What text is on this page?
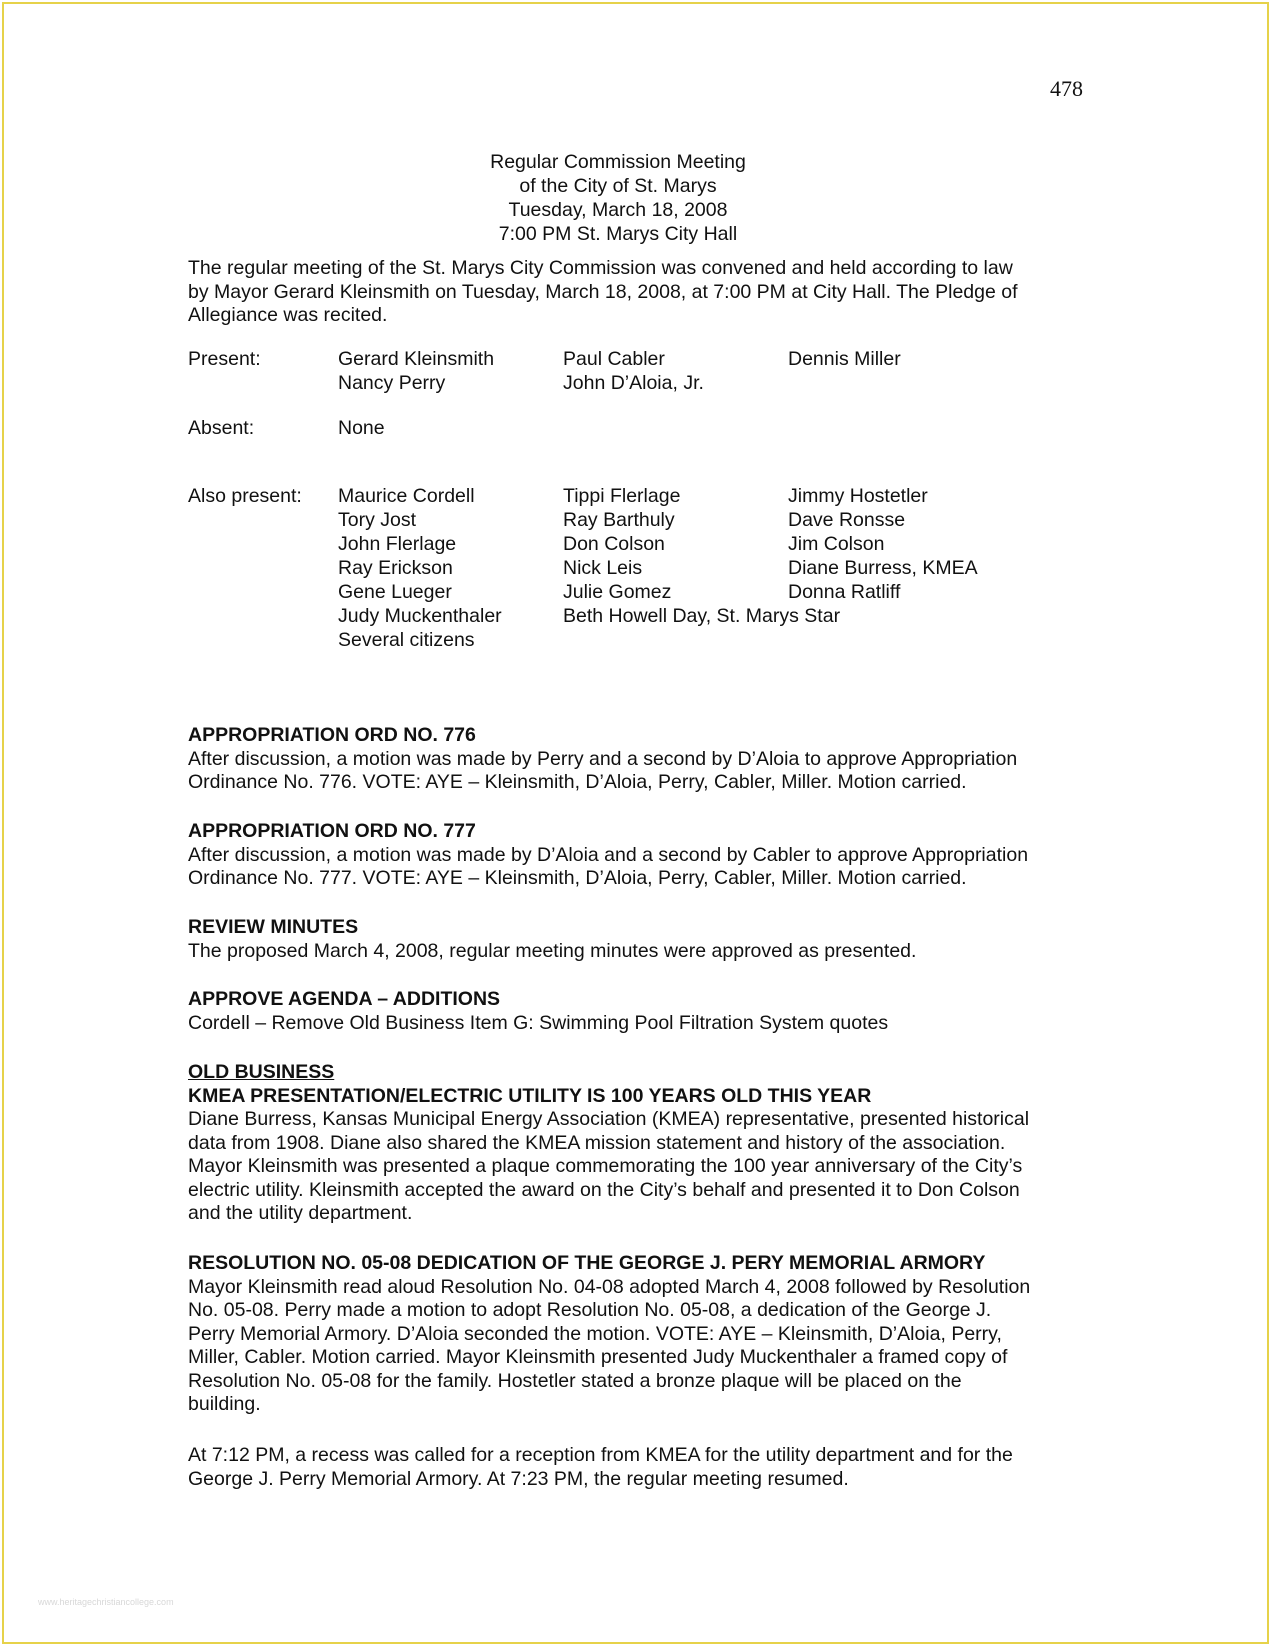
478
Regular Commission Meeting
of the City of St. Marys
Tuesday, March 18, 2008
7:00 PM St. Marys City Hall

The regular meeting of the St. Marys City Commission was convened and held according to law

by Mayor Gerard Kleinsmith on Tuesday, March 18, 2008, at 7:00 PM at City Hall. The Pledge of

Allegiance was recited.

Present:	Gerard Kleinsmith	Paul Cabler	Dennis Miller
Nancy Perry	John D’Aloia, Jr.
Absent:	None
Also present: Maurice Cordell	Tippi Flerlage	Jimmy Hostetler
Tory Jost	Ray Barthuly	Dave Ronsse
John Flerlage	Don Colson	Jim Colson
Ray Erickson	Nick Leis	Diane Burress, KMEA
Gene Lueger	Julie Gomez	Donna Ratliff
Judy Muckenthaler	Beth Howell Day, St. Marys Star
Several citizens

APPROPRIATION ORD NO. 776

After discussion, a motion was made by Perry and a second by D’Aloia to approve Appropriation

Ordinance No. 776. VOTE: AYE – Kleinsmith, D’Aloia, Perry, Cabler, Miller. Motion carried.

APPROPRIATION ORD NO. 777

After discussion, a motion was made by D’Aloia and a second by Cabler to approve Appropriation

Ordinance No. 777. VOTE: AYE – Kleinsmith, D’Aloia, Perry, Cabler, Miller. Motion carried.

REVIEW MINUTES

The proposed March 4, 2008, regular meeting minutes were approved as presented.

APPROVE AGENDA – ADDITIONS

Cordell – Remove Old Business Item G: Swimming Pool Filtration System quotes

OLD BUSINESS

KMEA PRESENTATION/ELECTRIC UTILITY IS 100 YEARS OLD THIS YEAR

Diane Burress, Kansas Municipal Energy Association (KMEA) representative, presented historical

data from 1908. Diane also shared the KMEA mission statement and history of the association.

Mayor Kleinsmith was presented a plaque commemorating the 100 year anniversary of the City’s

electric utility. Kleinsmith accepted the award on the City’s behalf and presented it to Don Colson

and the utility department.

RESOLUTION NO. 05-08 DEDICATION OF THE GEORGE J. PERY MEMORIAL ARMORY

Mayor Kleinsmith read aloud Resolution No. 04-08 adopted March 4, 2008 followed by Resolution

No. 05-08. Perry made a motion to adopt Resolution No. 05-08, a dedication of the George J.

Perry Memorial Armory. D’Aloia seconded the motion. VOTE: AYE – Kleinsmith, D’Aloia, Perry,

Miller, Cabler. Motion carried. Mayor Kleinsmith presented Judy Muckenthaler a framed copy of

Resolution No. 05-08 for the family. Hostetler stated a bronze plaque will be placed on the

building.

At 7:12 PM, a recess was called for a reception from KMEA for the utility department and for the

George J. Perry Memorial Armory. At 7:23 PM, the regular meeting resumed.

www.heritagechristiancollege.com
